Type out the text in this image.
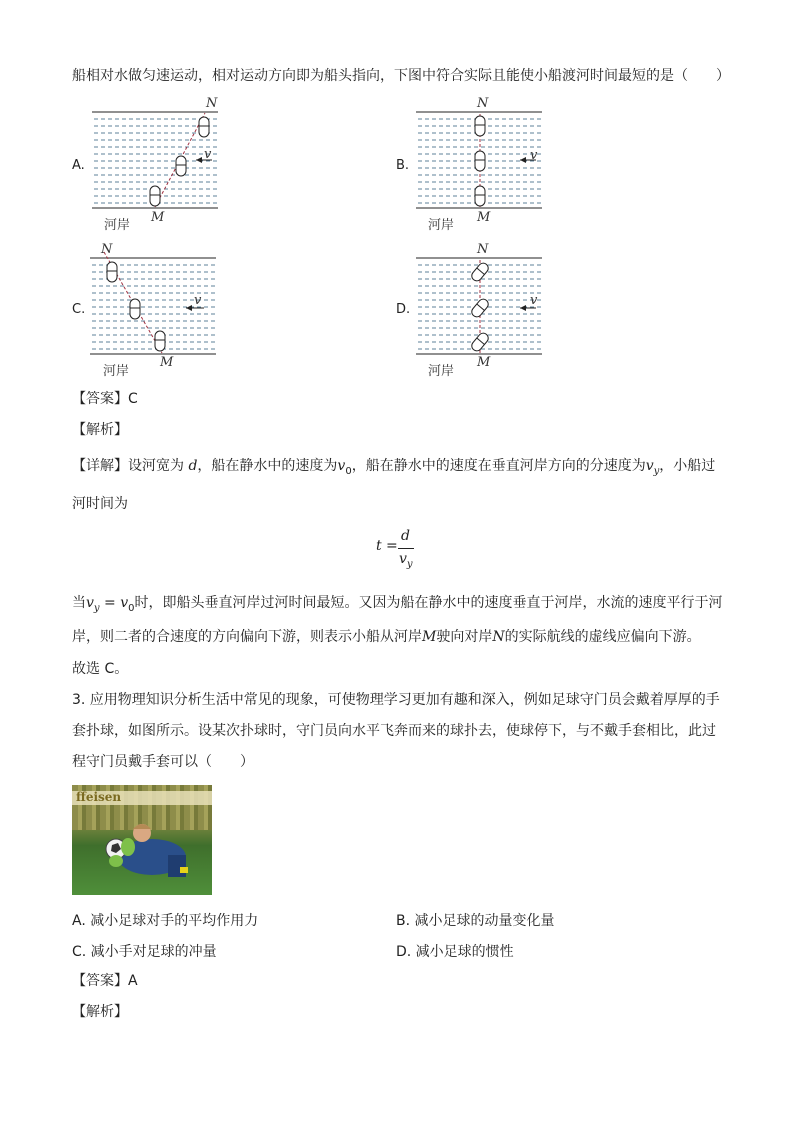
船相对水做匀速运动，相对运动方向即为船头指向，下图中符合实际且能使小船渡河时间最短的是（　　）
A.
N
v
M
河岸
B.
N
v
M
河岸
C.
N
v
M
河岸
D.
N
v
M
河岸
【答案】C
【解析】
【详解】设河宽为 d，船在静水中的速度为$v_0$，船在静水中的速度在垂直河岸方向的分速度为$v_y$，小船过
河时间为
t =
d
$v_y$
当$v_y = v_0$时，即船头垂直河岸过河时间最短。又因为船在静水中的速度垂直于河岸，水流的速度平行于河
岸，则二者的合速度的方向偏向下游，则表示小船从河岸M驶向对岸N的实际航线的虚线应偏向下游。
故选 C。
3. 应用物理知识分析生活中常见的现象，可使物理学习更加有趣和深入，例如足球守门员会戴着厚厚的手
套扑球，如图所示。设某次扑球时，守门员向水平飞奔而来的球扑去，使球停下，与不戴手套相比，此过
程守门员戴手套可以（　　）
ffeisen
A. 减小足球对手的平均作用力	B. 减小足球的动量变化量
C. 减小手对足球的冲量	D. 减小足球的惯性
【答案】A
【解析】
